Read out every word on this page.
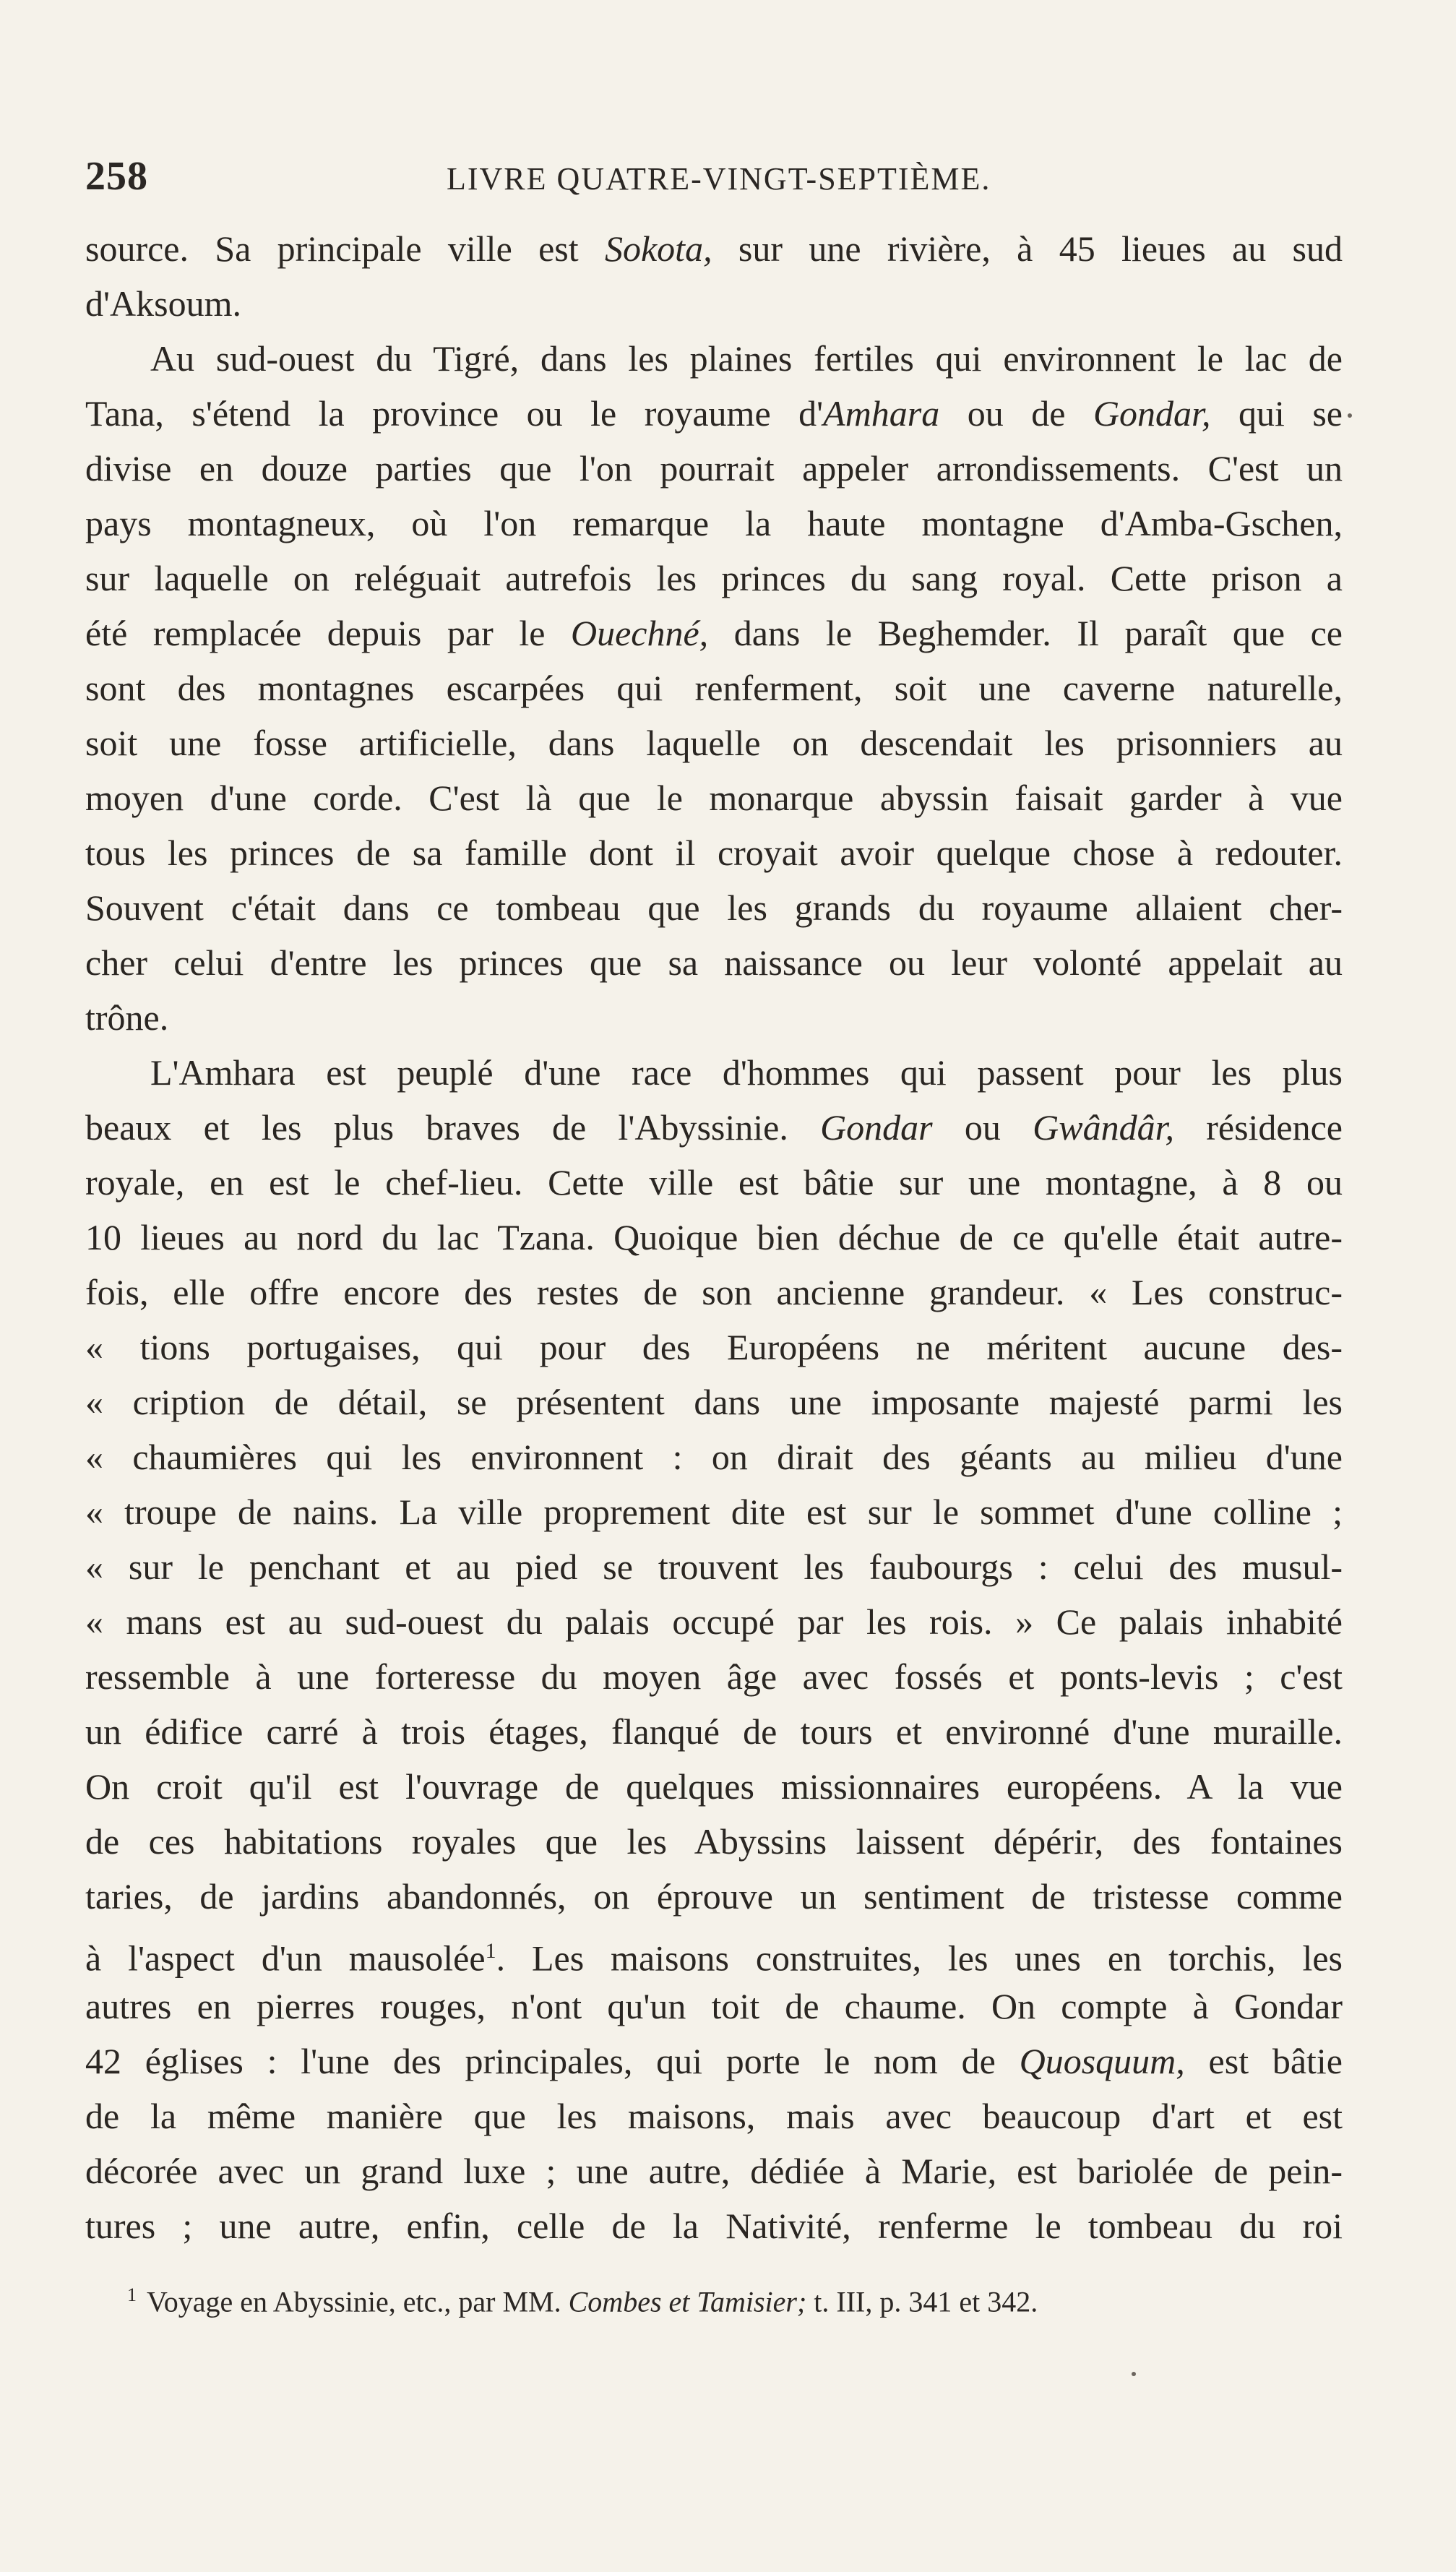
258	LIVRE QUATRE-VINGT-SEPTIÈME.
source. Sa principale ville est Sokota, sur une rivière, à 45 lieues au sud
d'Aksoum.
Au sud-ouest du Tigré, dans les plaines fertiles qui environnent le lac de
Tana, s'étend la province ou le royaume d'Amhara ou de Gondar, qui se
divise en douze parties que l'on pourrait appeler arrondissements. C'est un
pays montagneux, où l'on remarque la haute montagne d'Amba-Gschen,
sur laquelle on reléguait autrefois les princes du sang royal. Cette prison a
été remplacée depuis par le Ouechné, dans le Beghemder. Il paraît que ce
sont des montagnes escarpées qui renferment, soit une caverne naturelle,
soit une fosse artificielle, dans laquelle on descendait les prisonniers au
moyen d'une corde. C'est là que le monarque abyssin faisait garder à vue
tous les princes de sa famille dont il croyait avoir quelque chose à redouter.
Souvent c'était dans ce tombeau que les grands du royaume allaient cher-
cher celui d'entre les princes que sa naissance ou leur volonté appelait au
trône.
L'Amhara est peuplé d'une race d'hommes qui passent pour les plus
beaux et les plus braves de l'Abyssinie. Gondar ou Gwândâr, résidence
royale, en est le chef-lieu. Cette ville est bâtie sur une montagne, à 8 ou
10 lieues au nord du lac Tzana. Quoique bien déchue de ce qu'elle était autre-
fois, elle offre encore des restes de son ancienne grandeur. « Les construc-
« tions portugaises, qui pour des Européens ne méritent aucune des-
« cription de détail, se présentent dans une imposante majesté parmi les
« chaumières qui les environnent : on dirait des géants au milieu d'une
« troupe de nains. La ville proprement dite est sur le sommet d'une colline ;
« sur le penchant et au pied se trouvent les faubourgs : celui des musul-
« mans est au sud-ouest du palais occupé par les rois. » Ce palais inhabité
ressemble à une forteresse du moyen âge avec fossés et ponts-levis ; c'est
un édifice carré à trois étages, flanqué de tours et environné d'une muraille.
On croit qu'il est l'ouvrage de quelques missionnaires européens. A la vue
de ces habitations royales que les Abyssins laissent dépérir, des fontaines
taries, de jardins abandonnés, on éprouve un sentiment de tristesse comme
à l'aspect d'un mausolée$^1$. Les maisons construites, les unes en torchis, les
autres en pierres rouges, n'ont qu'un toit de chaume. On compte à Gondar
42 églises : l'une des principales, qui porte le nom de Quosquum, est bâtie
de la même manière que les maisons, mais avec beaucoup d'art et est
décorée avec un grand luxe ; une autre, dédiée à Marie, est bariolée de pein-
tures ; une autre, enfin, celle de la Nativité, renferme le tombeau du roi
$^1$ Voyage en Abyssinie, etc., par MM. Combes et Tamisier; t. III, p. 341 et 342.
